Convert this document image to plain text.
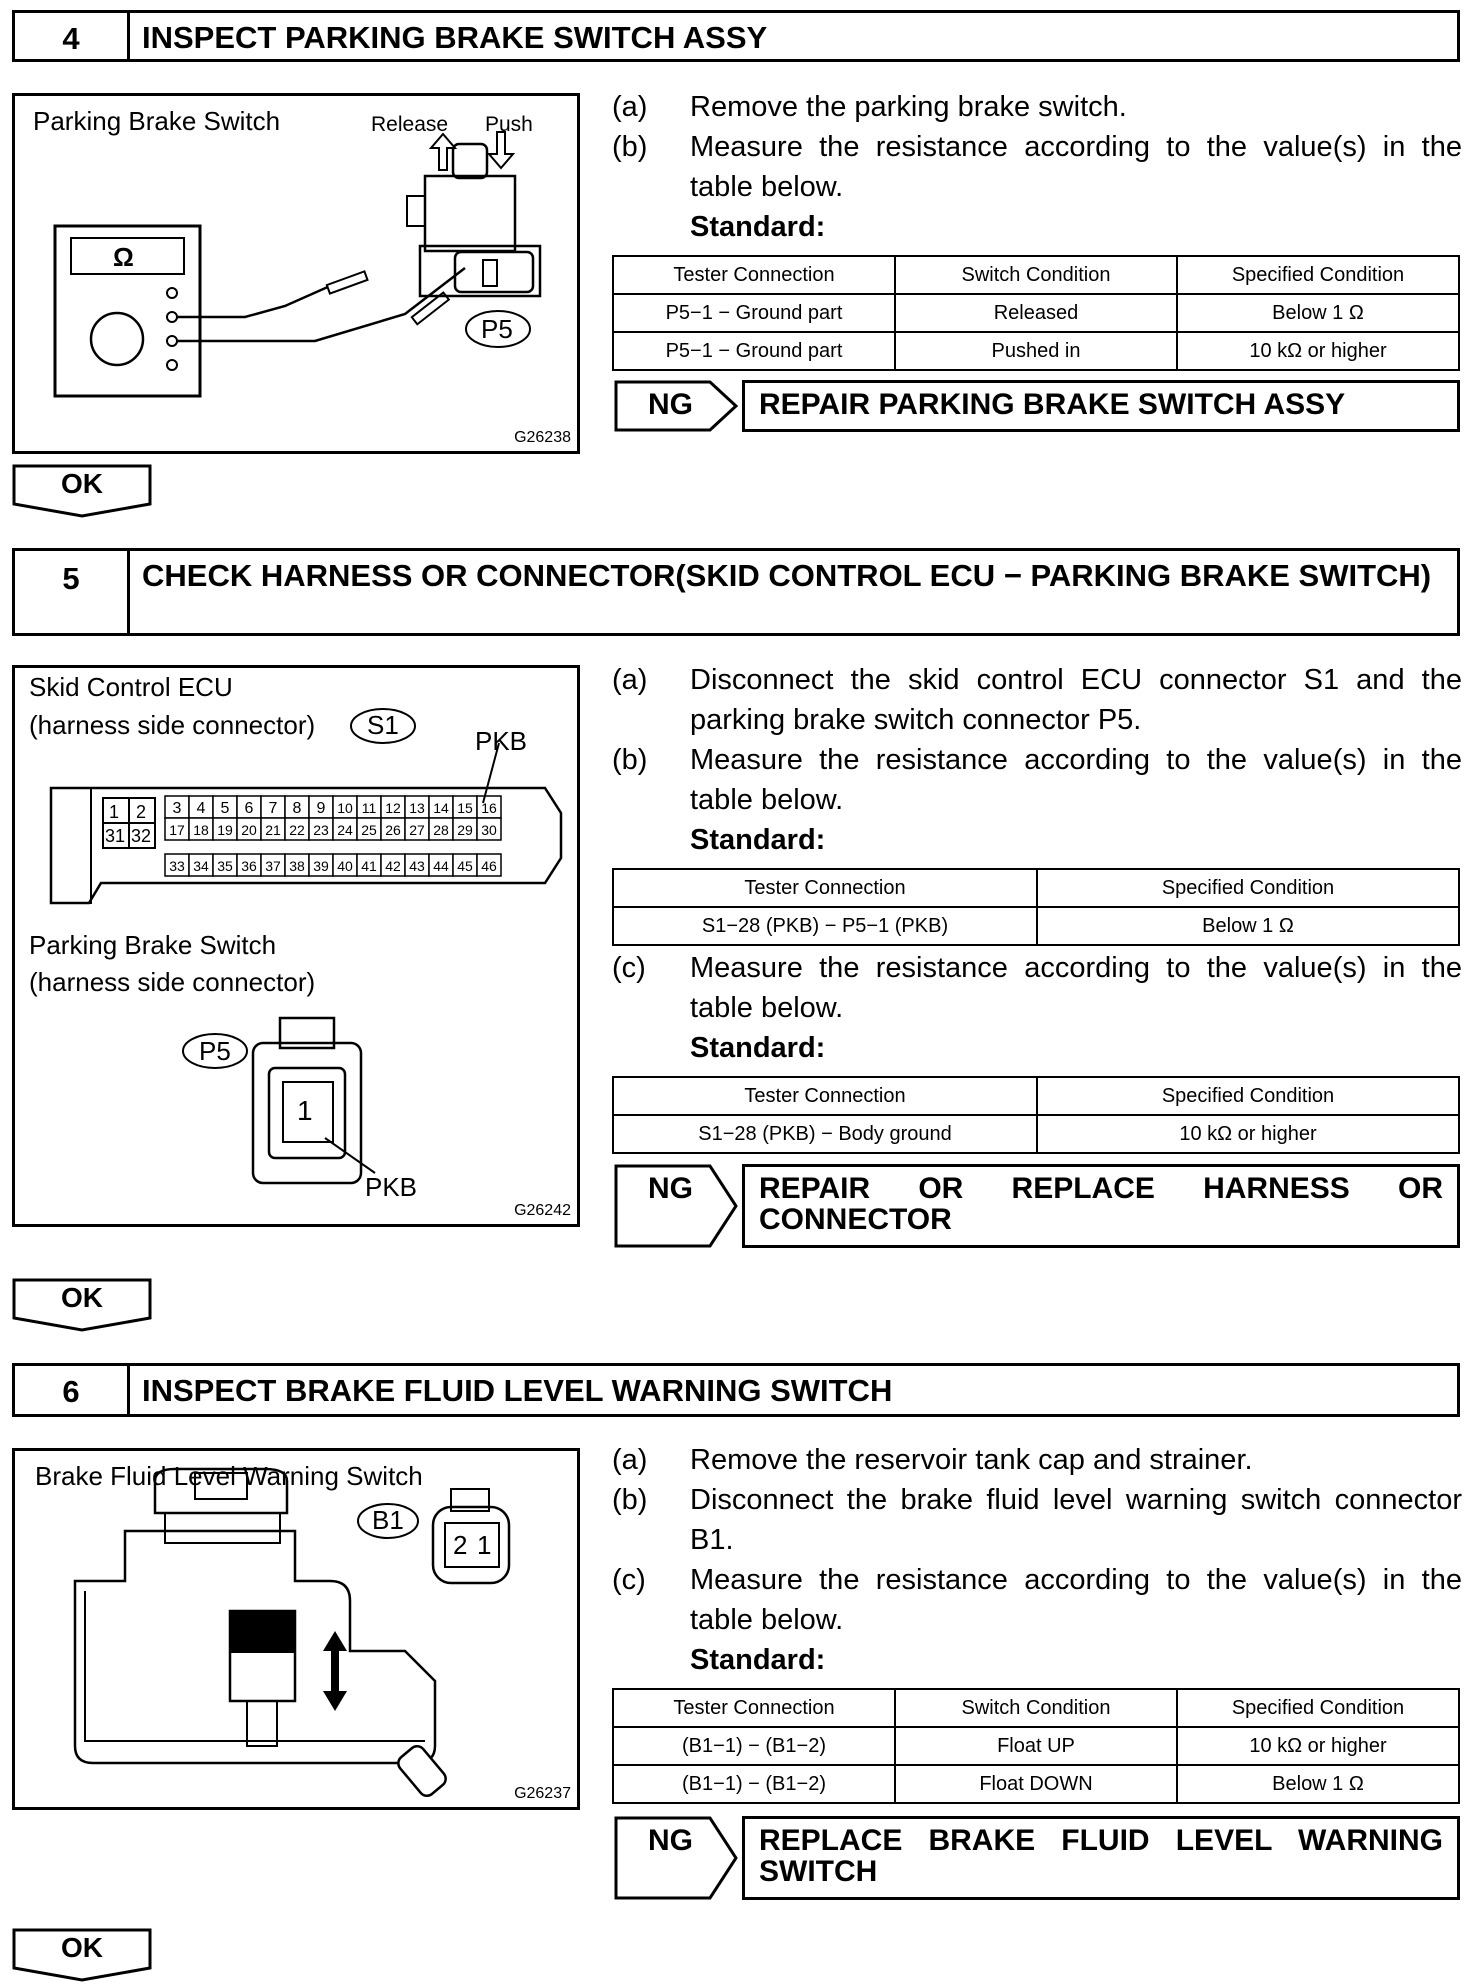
4	INSPECT PARKING BRAKE SWITCH ASSY
Parking Brake Switch	Release Push
Ω
P5
G26238
(a)	Remove the parking brake switch.
(b)	Measure the resistance according to the value(s) in the table below.
Standard:
Tester Connection	Switch Condition	Specified Condition
P5−1 − Ground part	Released	Below 1 Ω
P5−1 − Ground part	Pushed in	10 kΩ or higher
NG	REPAIR PARKING BRAKE SWITCH ASSY
OK
5	CHECK HARNESS OR CONNECTOR(SKID CONTROL ECU − PARKING BRAKE SWITCH)
3 4 5 6 7 8 9 10 11 12 13 14 15 16
17 18 19 20 21 22 23 24 25 26 27 28 29 30
33 34 35 36 37 38 39 40 41 42 43 44 45 46
Skid Control ECU
(harness side connector) S1
PKB
1 2
31 32
Parking Brake Switch
(harness side connector)
P5
1
PKB
G26242
(a)	Disconnect the skid control ECU connector S1 and the parking brake switch connector P5.
(b)	Measure the resistance according to the value(s) in the table below.
Standard:
Tester Connection	Specified Condition
S1−28 (PKB) − P5−1 (PKB)	Below 1 Ω
(c)	Measure the resistance according to the value(s) in the table below.
Standard:
Tester Connection	Specified Condition
S1−28 (PKB) − Body ground	10 kΩ or higher
NG	REPAIR OR REPLACE HARNESS OR CONNECTOR
OK
6	INSPECT BRAKE FLUID LEVEL WARNING SWITCH
Brake Fluid Level Warning Switch
B1
2 1
G26237
(a)	Remove the reservoir tank cap and strainer.
(b)	Disconnect the brake fluid level warning switch connector B1.
(c)	Measure the resistance according to the value(s) in the table below.
Standard:
Tester Connection	Switch Condition	Specified Condition
(B1−1) − (B1−2)	Float UP	10 kΩ or higher
(B1−1) − (B1−2)	Float DOWN	Below 1 Ω
NG	REPLACE BRAKE FLUID LEVEL WARNING SWITCH
OK
